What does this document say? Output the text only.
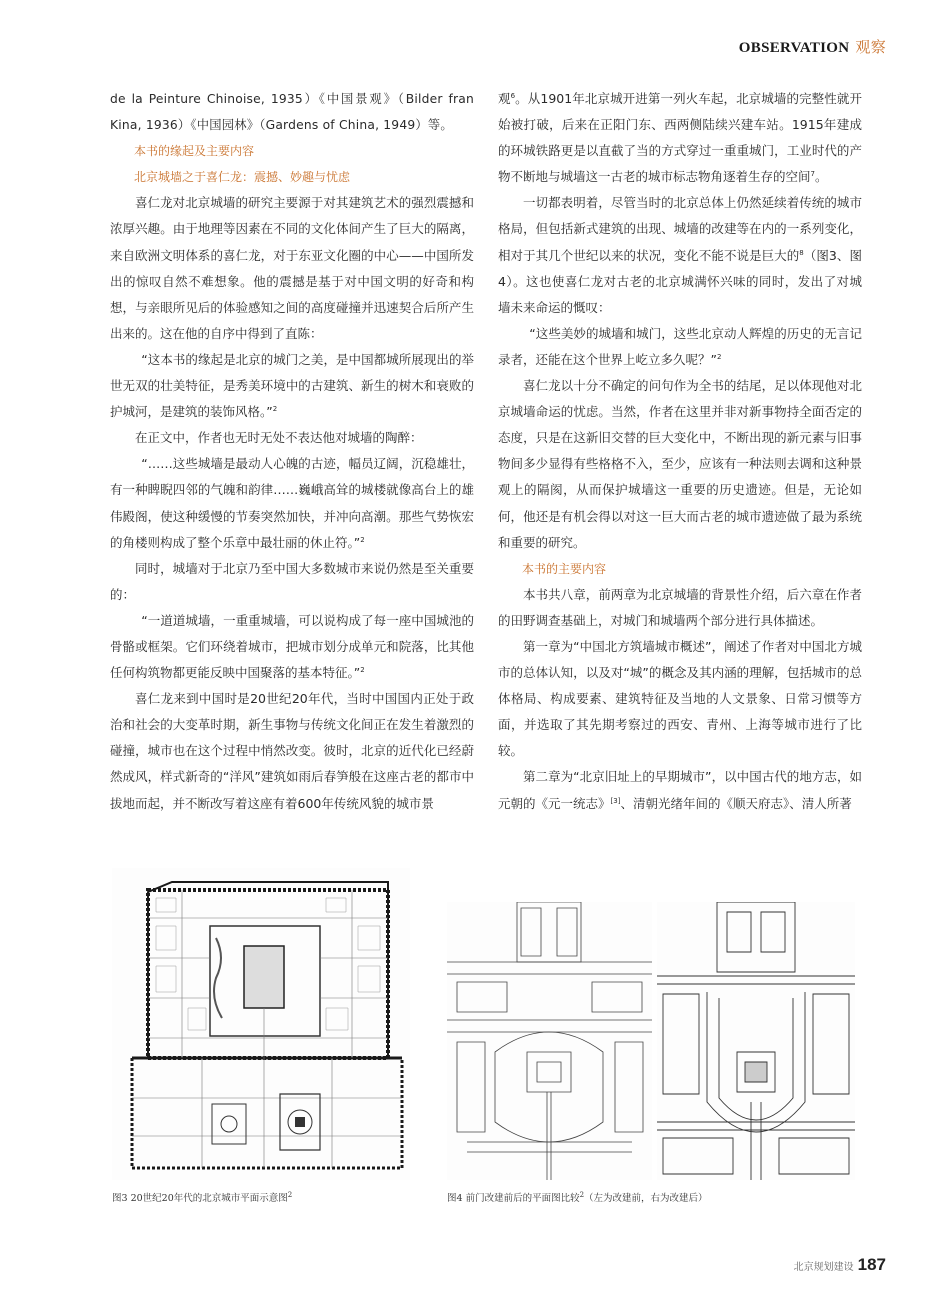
OBSERVATION 观察

de la Peinture Chinoise, 1935）《中国景观》（Bilder fran Kina, 1936）《中国园林》（Gardens of China, 1949）等。

本书的缘起及主要内容

北京城墙之于喜仁龙：震撼、妙趣与忧虑

喜仁龙对北京城墙的研究主要源于对其建筑艺术的强烈震撼和浓厚兴趣。由于地理等因素在不同的文化体间产生了巨大的隔离，来自欧洲文明体系的喜仁龙，对于东亚文化圈的中心——中国所发出的惊叹自然不难想象。他的震撼是基于对中国文明的好奇和构想，与亲眼所见后的体验感知之间的高度碰撞并迅速契合后所产生出来的。这在他的自序中得到了直陈：

“这本书的缘起是北京的城门之美，是中国都城所展现出的举世无双的壮美特征，是秀美环境中的古建筑、新生的树木和衰败的护城河，是建筑的装饰风格。”$^2$

在正文中，作者也无时无处不表达他对城墙的陶醉：

“……这些城墙是最动人心魄的古迹，幅员辽阔，沉稳雄壮，有一种睥睨四邻的气魄和韵律……巍峨高耸的城楼就像高台上的雄伟殿阁，使这种缓慢的节奏突然加快，并冲向高潮。那些气势恢宏的角楼则构成了整个乐章中最壮丽的休止符。”$^2$

同时，城墙对于北京乃至中国大多数城市来说仍然是至关重要的：

“一道道城墙，一重重城墙，可以说构成了每一座中国城池的骨骼或框架。它们环绕着城市，把城市划分成单元和院落，比其他任何构筑物都更能反映中国聚落的基本特征。”$^2$

喜仁龙来到中国时是20世纪20年代，当时中国国内正处于政治和社会的大变革时期，新生事物与传统文化间正在发生着激烈的碰撞，城市也在这个过程中悄然改变。彼时，北京的近代化已经蔚然成风，样式新奇的“洋风”建筑如雨后春笋般在这座古老的都市中拔地而起，并不断改写着这座有着600年传统风貌的城市景

观$^6$。从1901年北京城开进第一列火车起，北京城墙的完整性就开始被打破，后来在正阳门东、西两侧陆续兴建车站。1915年建成的环城铁路更是以直截了当的方式穿过一重重城门，工业时代的产物不断地与城墙这一古老的城市标志物角逐着生存的空间$^7$。

一切都表明着，尽管当时的北京总体上仍然延续着传统的城市格局，但包括新式建筑的出现、城墙的改建等在内的一系列变化，相对于其几个世纪以来的状况，变化不能不说是巨大的$^8$（图3、图4）。这也使喜仁龙对古老的北京城满怀兴味的同时，发出了对城墙未来命运的慨叹：

“这些美妙的城墙和城门，这些北京动人辉煌的历史的无言记录者，还能在这个世界上屹立多久呢？”$^2$

喜仁龙以十分不确定的问句作为全书的结尾，足以体现他对北京城墙命运的忧虑。当然，作者在这里并非对新事物持全面否定的态度，只是在这新旧交替的巨大变化中，不断出现的新元素与旧事物间多少显得有些格格不入，至少，应该有一种法则去调和这种景观上的隔阂，从而保护城墙这一重要的历史遗迹。但是，无论如何，他还是有机会得以对这一巨大而古老的城市遗迹做了最为系统和重要的研究。

本书的主要内容

本书共八章，前两章为北京城墙的背景性介绍，后六章在作者的田野调查基础上，对城门和城墙两个部分进行具体描述。

第一章为“中国北方筑墙城市概述”，阐述了作者对中国北方城市的总体认知，以及对“城”的概念及其内涵的理解，包括城市的总体格局、构成要素、建筑特征及当地的人文景象、日常习惯等方面，并选取了其先期考察过的西安、青州、上海等城市进行了比较。

第二章为“北京旧址上的早期城市”，以中国古代的地方志，如元朝的《元一统志》[3]、清朝光绪年间的《顺天府志》、清人所著

图3 20世纪20年代的北京城市平面示意图$^2$	图4 前门改建前后的平面图比较$^2$（左为改建前，右为改建后）
北京规划建设 187
